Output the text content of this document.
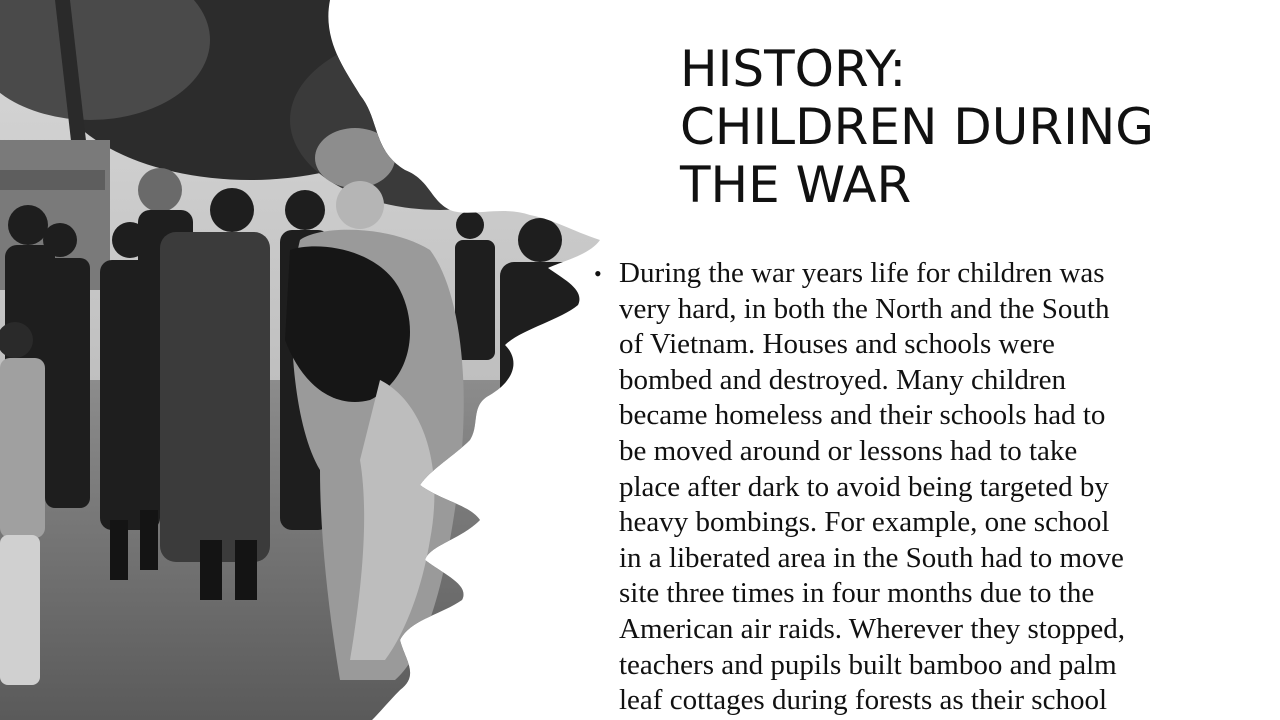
HISTORY:
CHILDREN DURING
THE WAR
• During the war years life for children was
very hard, in both the North and the South
of Vietnam. Houses and schools were
bombed and destroyed. Many children
became homeless and their schools had to
be moved around or lessons had to take
place after dark to avoid being targeted by
heavy bombings. For example, one school
in a liberated area in the South had to move
site three times in four months due to the
American air raids. Wherever they stopped,
teachers and pupils built bamboo and palm
leaf cottages during forests as their school
